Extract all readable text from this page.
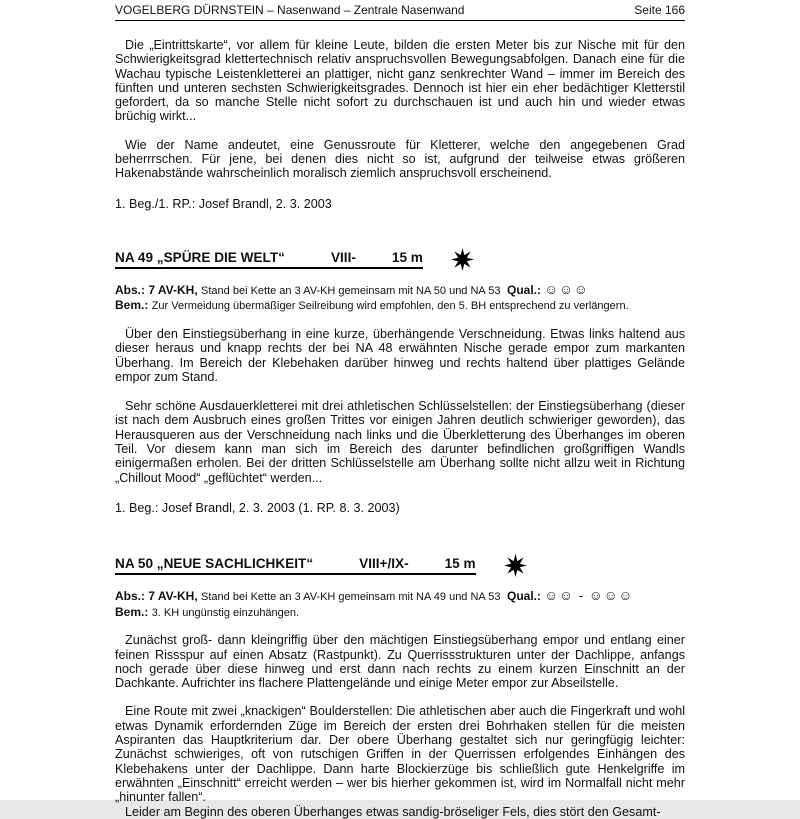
VOGELBERG DÜRNSTEIN – Nasenwand – Zentrale Nasenwand	Seite 166

Die „Eintrittskarte“, vor allem für kleine Leute, bilden die ersten Meter bis zur Nische mit für den Schwierigkeitsgrad klettertechnisch relativ anspruchsvollen Bewegungsabfolgen. Danach eine für die Wachau typische Leistenkletterei an plattiger, nicht ganz senkrechter Wand – immer im Bereich des fünften und unteren sechsten Schwierigkeitsgrades. Dennoch ist hier ein eher bedächtiger Kletterstil gefordert, da so manche Stelle nicht sofort zu durchschauen ist und auch hin und wieder etwas brüchig wirkt...

Wie der Name andeutet, eine Genussroute für Kletterer, welche den angegebenen Grad beherrrschen. Für jene, bei denen dies nicht so ist, aufgrund der teilweise etwas größeren Hakenabstände wahrscheinlich moralisch ziemlich anspruchsvoll erscheinend.

1. Beg./1. RP.: Josef Brandl, 2. 3. 2003

NA 49 „SPÜRE DIE WELT“	VIII-	15 m
Abs.: 7 AV-KH, Stand bei Kette an 3 AV-KH gemeinsam mit NA 50 und NA 53 Qual.: ☺☺☺
Bem.: Zur Vermeidung übermäßiger Seilreibung wird empfohlen, den 5. BH entsprechend zu verlängern.

Über den Einstiegsüberhang in eine kurze, überhängende Verschneidung. Etwas links haltend aus dieser heraus und knapp rechts der bei NA 48 erwähnten Nische gerade empor zum markanten Überhang. Im Bereich der Klebehaken darüber hinweg und rechts haltend über plattiges Gelände empor zum Stand.

Sehr schöne Ausdauerkletterei mit drei athletischen Schlüsselstellen: der Einstiegsüberhang (dieser ist nach dem Ausbruch eines großen Trittes vor einigen Jahren deutlich schwieriger geworden), das Herausqueren aus der Verschneidung nach links und die Überkletterung des Überhanges im oberen Teil. Vor diesem kann man sich im Bereich des darunter befindlichen großgriffigen Wandls einigermaßen erholen. Bei der dritten Schlüsselstelle am Überhang sollte nicht allzu weit in Richtung „Chillout Mood“ „geflüchtet“ werden...

1. Beg.: Josef Brandl, 2. 3. 2003 (1. RP. 8. 3. 2003)

NA 50 „NEUE SACHLICHKEIT“	VIII+/IX-	15 m
Abs.: 7 AV-KH, Stand bei Kette an 3 AV-KH gemeinsam mit NA 49 und NA 53 Qual.: ☺☺ - ☺☺☺
Bem.: 3. KH ungünstig einzuhängen.

Zunächst groß- dann kleingriffig über den mächtigen Einstiegsüberhang empor und entlang einer feinen Rissspur auf einen Absatz (Rastpunkt). Zu Querrissstrukturen unter der Dachlippe, anfangs noch gerade über diese hinweg und erst dann nach rechts zu einem kurzen Einschnitt an der Dachkante. Aufrichter ins flachere Plattengelände und einige Meter empor zur Abseilstelle.

Eine Route mit zwei „knackigen“ Boulderstellen: Die athletischen aber auch die Fingerkraft und wohl etwas Dynamik erfordernden Züge im Bereich der ersten drei Bohrhaken stellen für die meisten Aspiranten das Hauptkriterium dar. Der obere Überhang gestaltet sich nur geringfügig leichter: Zunächst schwieriges, oft von rutschigen Griffen in der Querrissen erfolgendes Einhängen des Klebehakens unter der Dachlippe. Dann harte Blockierzüge bis schließlich gute Henkelgriffe im erwähnten „Einschnitt“ erreicht werden – wer bis hierher gekommen ist, wird im Normalfall nicht mehr „hinunter fallen“.

Leider am Beginn des oberen Überhanges etwas sandig-bröseliger Fels, dies stört den Gesamt-
